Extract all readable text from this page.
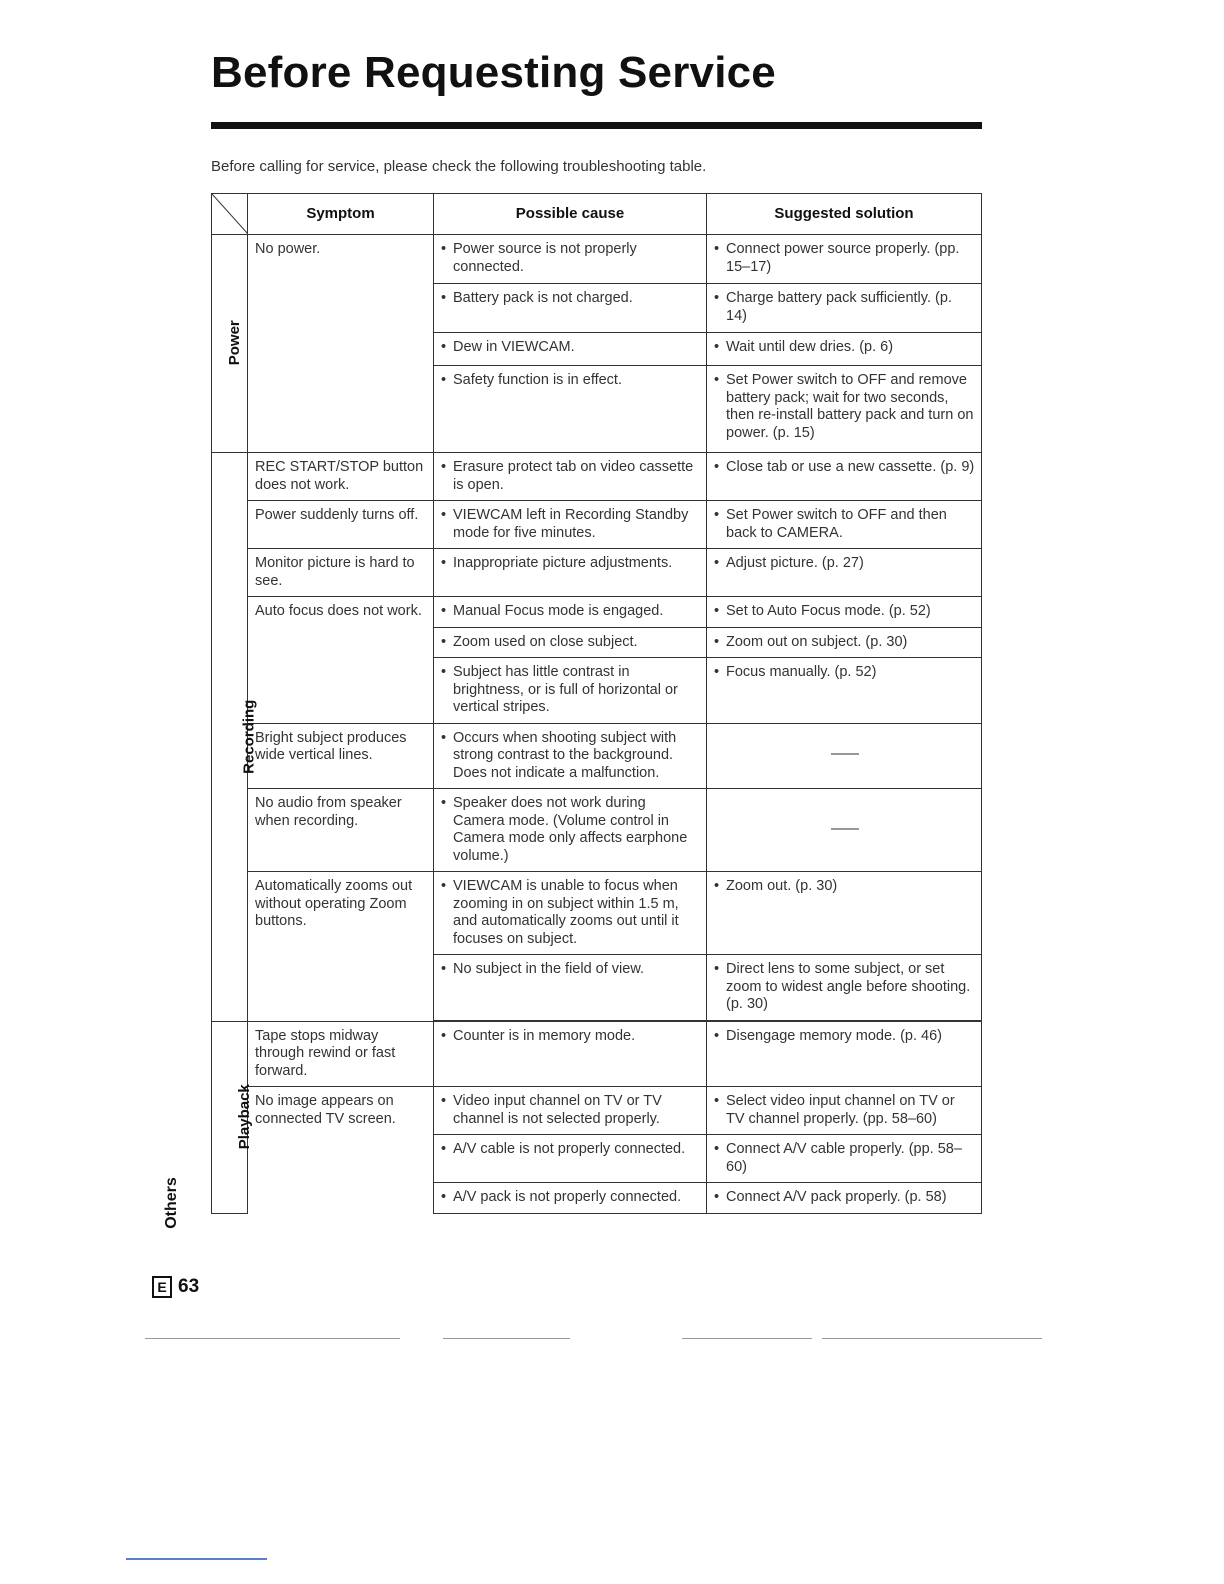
Before Requesting Service

Before calling for service, please check the following troubleshooting table.

	Symptom	Possible cause	Suggested solution	
Power	No power.	• Power source is not properly connected.	• Connect power source properly. (pp. 15–17)	

		• Battery pack is not charged.	• Charge battery pack sufficiently. (p. 14)	

		• Dew in VIEWCAM.	• Wait until dew dries. (p. 6)	

		• Safety function is in effect.	• Set Power switch to OFF and remove battery pack; wait for two seconds, then re-install battery pack and turn on power. (p. 15)	

Recording	REC START/STOP button does not work.	• Erasure protect tab on video cassette is open.	• Close tab or use a new cassette. (p. 9)	

	Power suddenly turns off.	• VIEWCAM left in Recording Standby mode for five minutes.	• Set Power switch to OFF and then back to CAMERA.	

	Monitor picture is hard to see.	• Inappropriate picture adjustments.	• Adjust picture. (p. 27)	

	Auto focus does not work.	• Manual Focus mode is engaged.	• Set to Auto Focus mode. (p. 52)	

		• Zoom used on close subject.	• Zoom out on subject. (p. 30)	

		• Subject has little contrast in brightness, or is full of horizontal or vertical stripes.	• Focus manually. (p. 52)	

	Bright subject produces wide vertical lines.	• Occurs when shooting subject with strong contrast to the background. Does not indicate a malfunction.	——	

	No audio from speaker when recording.	• Speaker does not work during Camera mode. (Volume control in Camera mode only affects earphone volume.)	——	

	Automatically zooms out without operating Zoom buttons.	• VIEWCAM is unable to focus when zooming in on subject within 1.5 m, and automatically zooms out until it focuses on subject.	• Zoom out. (p. 30)	

		• No subject in the field of view.	• Direct lens to some subject, or set zoom to widest angle before shooting. (p. 30)	

Playback	Tape stops midway through rewind or fast forward.	• Counter is in memory mode.	• Disengage memory mode. (p. 46)	

	No image appears on connected TV screen.	• Video input channel on TV or TV channel is not selected properly.	• Select video input channel on TV or TV channel properly. (pp. 58–60)	

		• A/V cable is not properly connected.	• Connect A/V cable properly. (pp. 58–60)	

		• A/V pack is not properly connected.	• Connect A/V pack properly. (p. 58)	
Others
E 63
